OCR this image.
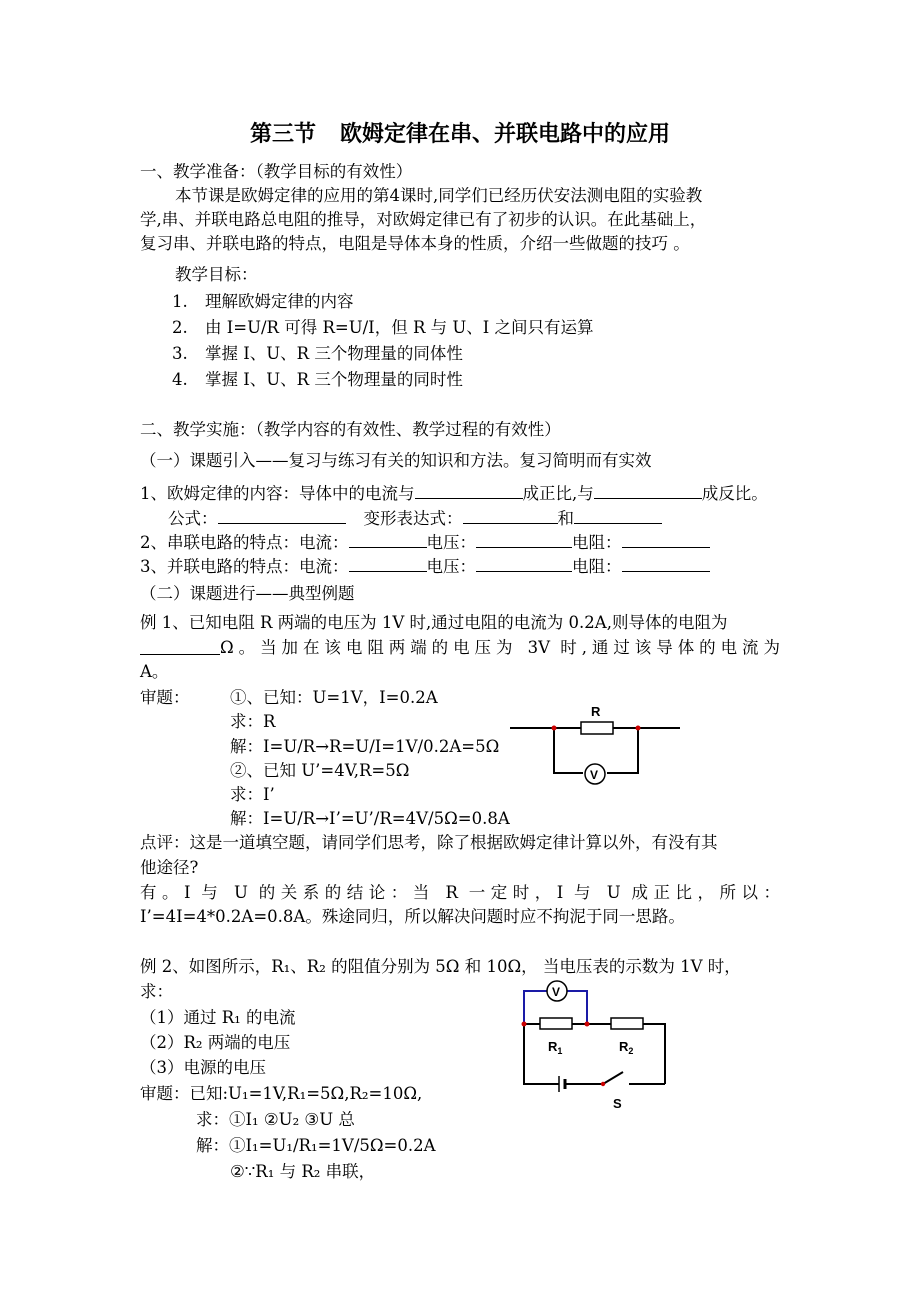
第三节 欧姆定律在串、并联电路中的应用
一、教学准备：（教学目标的有效性）
本节课是欧姆定律的应用的第4课时,同学们已经历伏安法测电阻的实验教
学,串、并联电路总电阻的推导，对欧姆定律已有了初步的认识。在此基础上，
复习串、并联电路的特点，电阻是导体本身的性质，介绍一些做题的技巧 。
教学目标：
1. 理解欧姆定律的内容
2. 由 I=U/R 可得 R=U/I，但 R 与 U、I 之间只有运算
3. 掌握 I、U、R 三个物理量的同体性
4. 掌握 I、U、R 三个物理量的同时性
二、教学实施：（教学内容的有效性、教学过程的有效性）
（一）课题引入——复习与练习有关的知识和方法。复习简明而有实效
1、欧姆定律的内容：导体中的电流与	成正比,与	成反比。
公式：	变形表达式：	和
2、串联电路的特点：电流：	电压：	电阻：
3、并联电路的特点：电流：	电压：	电阻：
（二）课题进行——典型例题
例 1、已知电阻 R 两端的电压为 1V 时,通过电阻的电流为 0.2A,则导体的电阻为
Ω。当加在该电阻两端的电压为 3V 时,通过该导体的电流为
A。
审题： ①、已知：U=1V，I=0.2A
求：R
解：I=U/R→R=U/I=1V/0.2A=5Ω
②、已知 U’=4V,R=5Ω
求：I’
解：I=U/R→I’=U’/R=4V/5Ω=0.8A
R
V
点评：这是一道填空题，请同学们思考，除了根据欧姆定律计算以外，有没有其
他途径?
有。I 与 U 的关系的结论：当 R 一定时，I 与 U 成正比，所以：
I’=4I=4*0.2A=0.8A。殊途同归，所以解决问题时应不拘泥于同一思路。
例 2、如图所示，R₁、R₂ 的阻值分别为 5Ω 和 10Ω， 当电压表的示数为 1V 时，
求：
（1）通过 R₁ 的电流
（2）R₂ 两端的电压
（3）电源的电压
审题：已知:U₁=1V,R₁=5Ω,R₂=10Ω,
求：①I₁ ②U₂ ③U 总
解：①I₁=U₁/R₁=1V/5Ω=0.2A
②∵R₁ 与 R₂ 串联，
V
$R_1$	$R_2$
S
